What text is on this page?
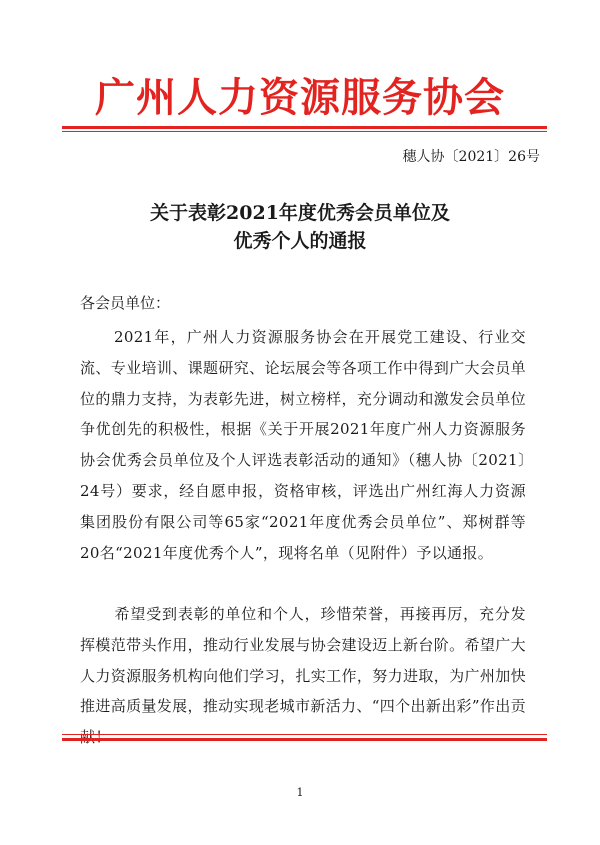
广州人力资源服务协会
穗人协〔2021〕26号
关于表彰2021年度优秀会员单位及
优秀个人的通报
各会员单位：

2021年，广州人力资源服务协会在开展党工建设、行业交流、专业培训、课题研究、论坛展会等各项工作中得到广大会员单位的鼎力支持，为表彰先进，树立榜样，充分调动和激发会员单位争优创先的积极性，根据《关于开展2021年度广州人力资源服务协会优秀会员单位及个人评选表彰活动的通知》（穗人协〔2021〕24号）要求，经自愿申报，资格审核，评选出广州红海人力资源集团股份有限公司等65家“2021年度优秀会员单位”、郑树群等20名“2021年度优秀个人”，现将名单（见附件）予以通报。

希望受到表彰的单位和个人，珍惜荣誉，再接再厉，充分发挥模范带头作用，推动行业发展与协会建设迈上新台阶。希望广大人力资源服务机构向他们学习，扎实工作，努力进取，为广州加快推进高质量发展，推动实现老城市新活力、“四个出新出彩”作出贡

1
